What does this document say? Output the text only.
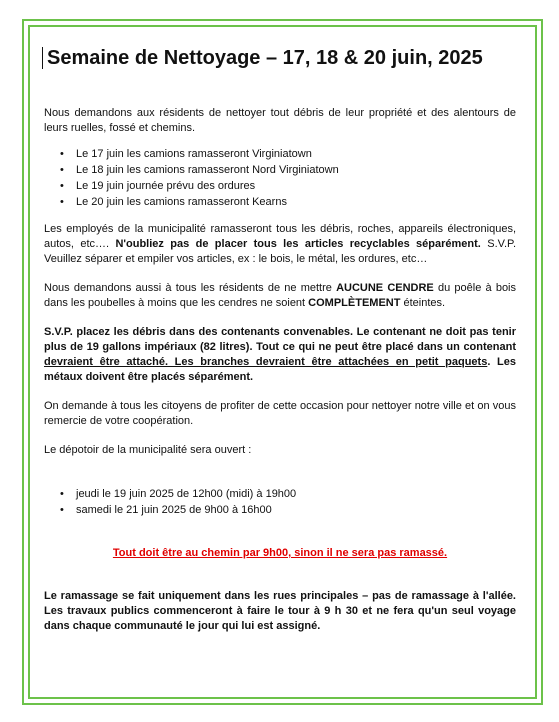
Semaine de Nettoyage – 17, 18 & 20 juin, 2025

Nous demandons aux résidents de nettoyer tout débris de leur propriété et des alentours de leurs ruelles, fossé et chemins.

• Le 17 juin les camions ramasseront Virginiatown
• Le 18 juin les camions ramasseront Nord Virginiatown
• Le 19 juin journée prévu des ordures
• Le 20 juin les camions ramasseront Kearns

Les employés de la municipalité ramasseront tous les débris, roches, appareils électroniques, autos, etc…. N'oubliez pas de placer tous les articles recyclables séparément. S.V.P. Veuillez séparer et empiler vos articles, ex : le bois, le métal, les ordures, etc…

Nous demandons aussi à tous les résidents de ne mettre AUCUNE CENDRE du poêle à bois dans les poubelles à moins que les cendres ne soient COMPLÈTEMENT éteintes.

S.V.P. placez les débris dans des contenants convenables. Le contenant ne doit pas tenir plus de 19 gallons impériaux (82 litres). Tout ce qui ne peut être placé dans un contenant devraient être attaché. Les branches devraient être attachées en petit paquets. Les métaux doivent être placés séparément.

On demande à tous les citoyens de profiter de cette occasion pour nettoyer notre ville et on vous remercie de votre coopération.

Le dépotoir de la municipalité sera ouvert :

• jeudi le 19 juin 2025 de 12h00 (midi) à 19h00
• samedi le 21 juin 2025 de 9h00 à 16h00

Tout doit être au chemin par 9h00, sinon il ne sera pas ramassé.

Le ramassage se fait uniquement dans les rues principales – pas de ramassage à l'allée. Les travaux publics commenceront à faire le tour à 9 h 30 et ne fera qu'un seul voyage dans chaque communauté le jour qui lui est assigné.
